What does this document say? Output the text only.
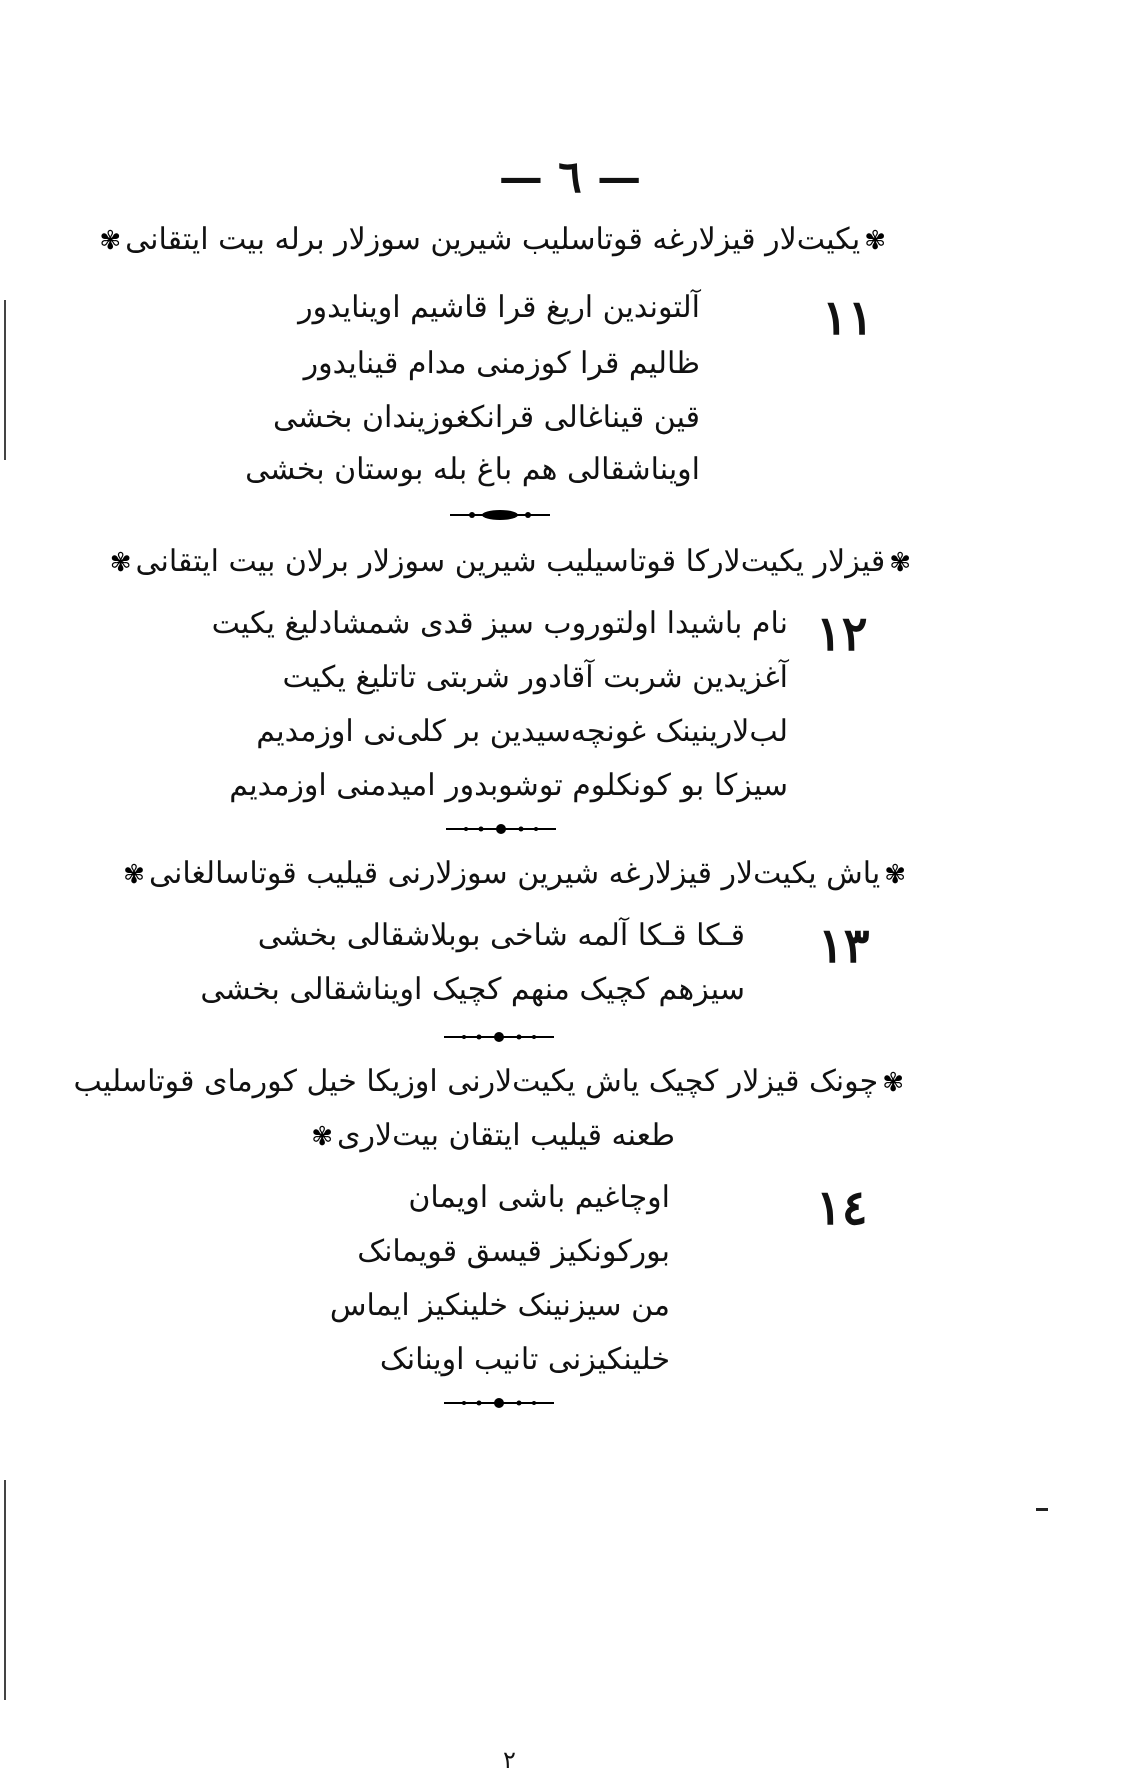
— ٦ —
✾یکیت‌لار قیزلارغه قوتاسلیب شیرین سوزلار برله بیت ایتقانی✾
۱۱
آلتوندین اریغ قرا قاشیم اوینایدور
ظالیم قرا کوزمنی مدام قینایدور
قین قیناغالی قرانکغوزیندان بخشی
اویناشقالی هم باغ بله بوستان بخشی
✾قیزلار یکیت‌لارکا قوتاسیلیب شیرین سوزلار برلان بیت ایتقانی✾
۱۲
نام باشیدا اولتوروب سیز قدی شمشادلیغ یکیت
آغزیدین شربت آقادور شربتی تاتلیغ یکیت
لب‌لارینینک غونچه‌سیدین بر کلی‌نی اوزمدیم
سیزکا بو کونکلوم توشوبدور امیدمنی اوزمدیم
✾یاش یکیت‌لار قیزلارغه شیرین سوزلارنی قیلیب قوتاسالغانی✾
۱۳
قـکا قـکا آلمه شاخی بوبلاشقالی بخشی
سیزهم کچیک منهم کچیک اویناشقالی بخشی
✾چونک قیزلار کچیک یاش یکیت‌لارنی اوزیکا خیل کورمای قوتاسلیب
طعنه قیلیب ایتقان بیت‌لاری✾
۱٤
اوچاغیم باشی اویمان
بورکونکیز قیسق قویمانک
من سیزنینک خلینکیز ایماس
خلینکیزنی تانیب اوینانک
٢
